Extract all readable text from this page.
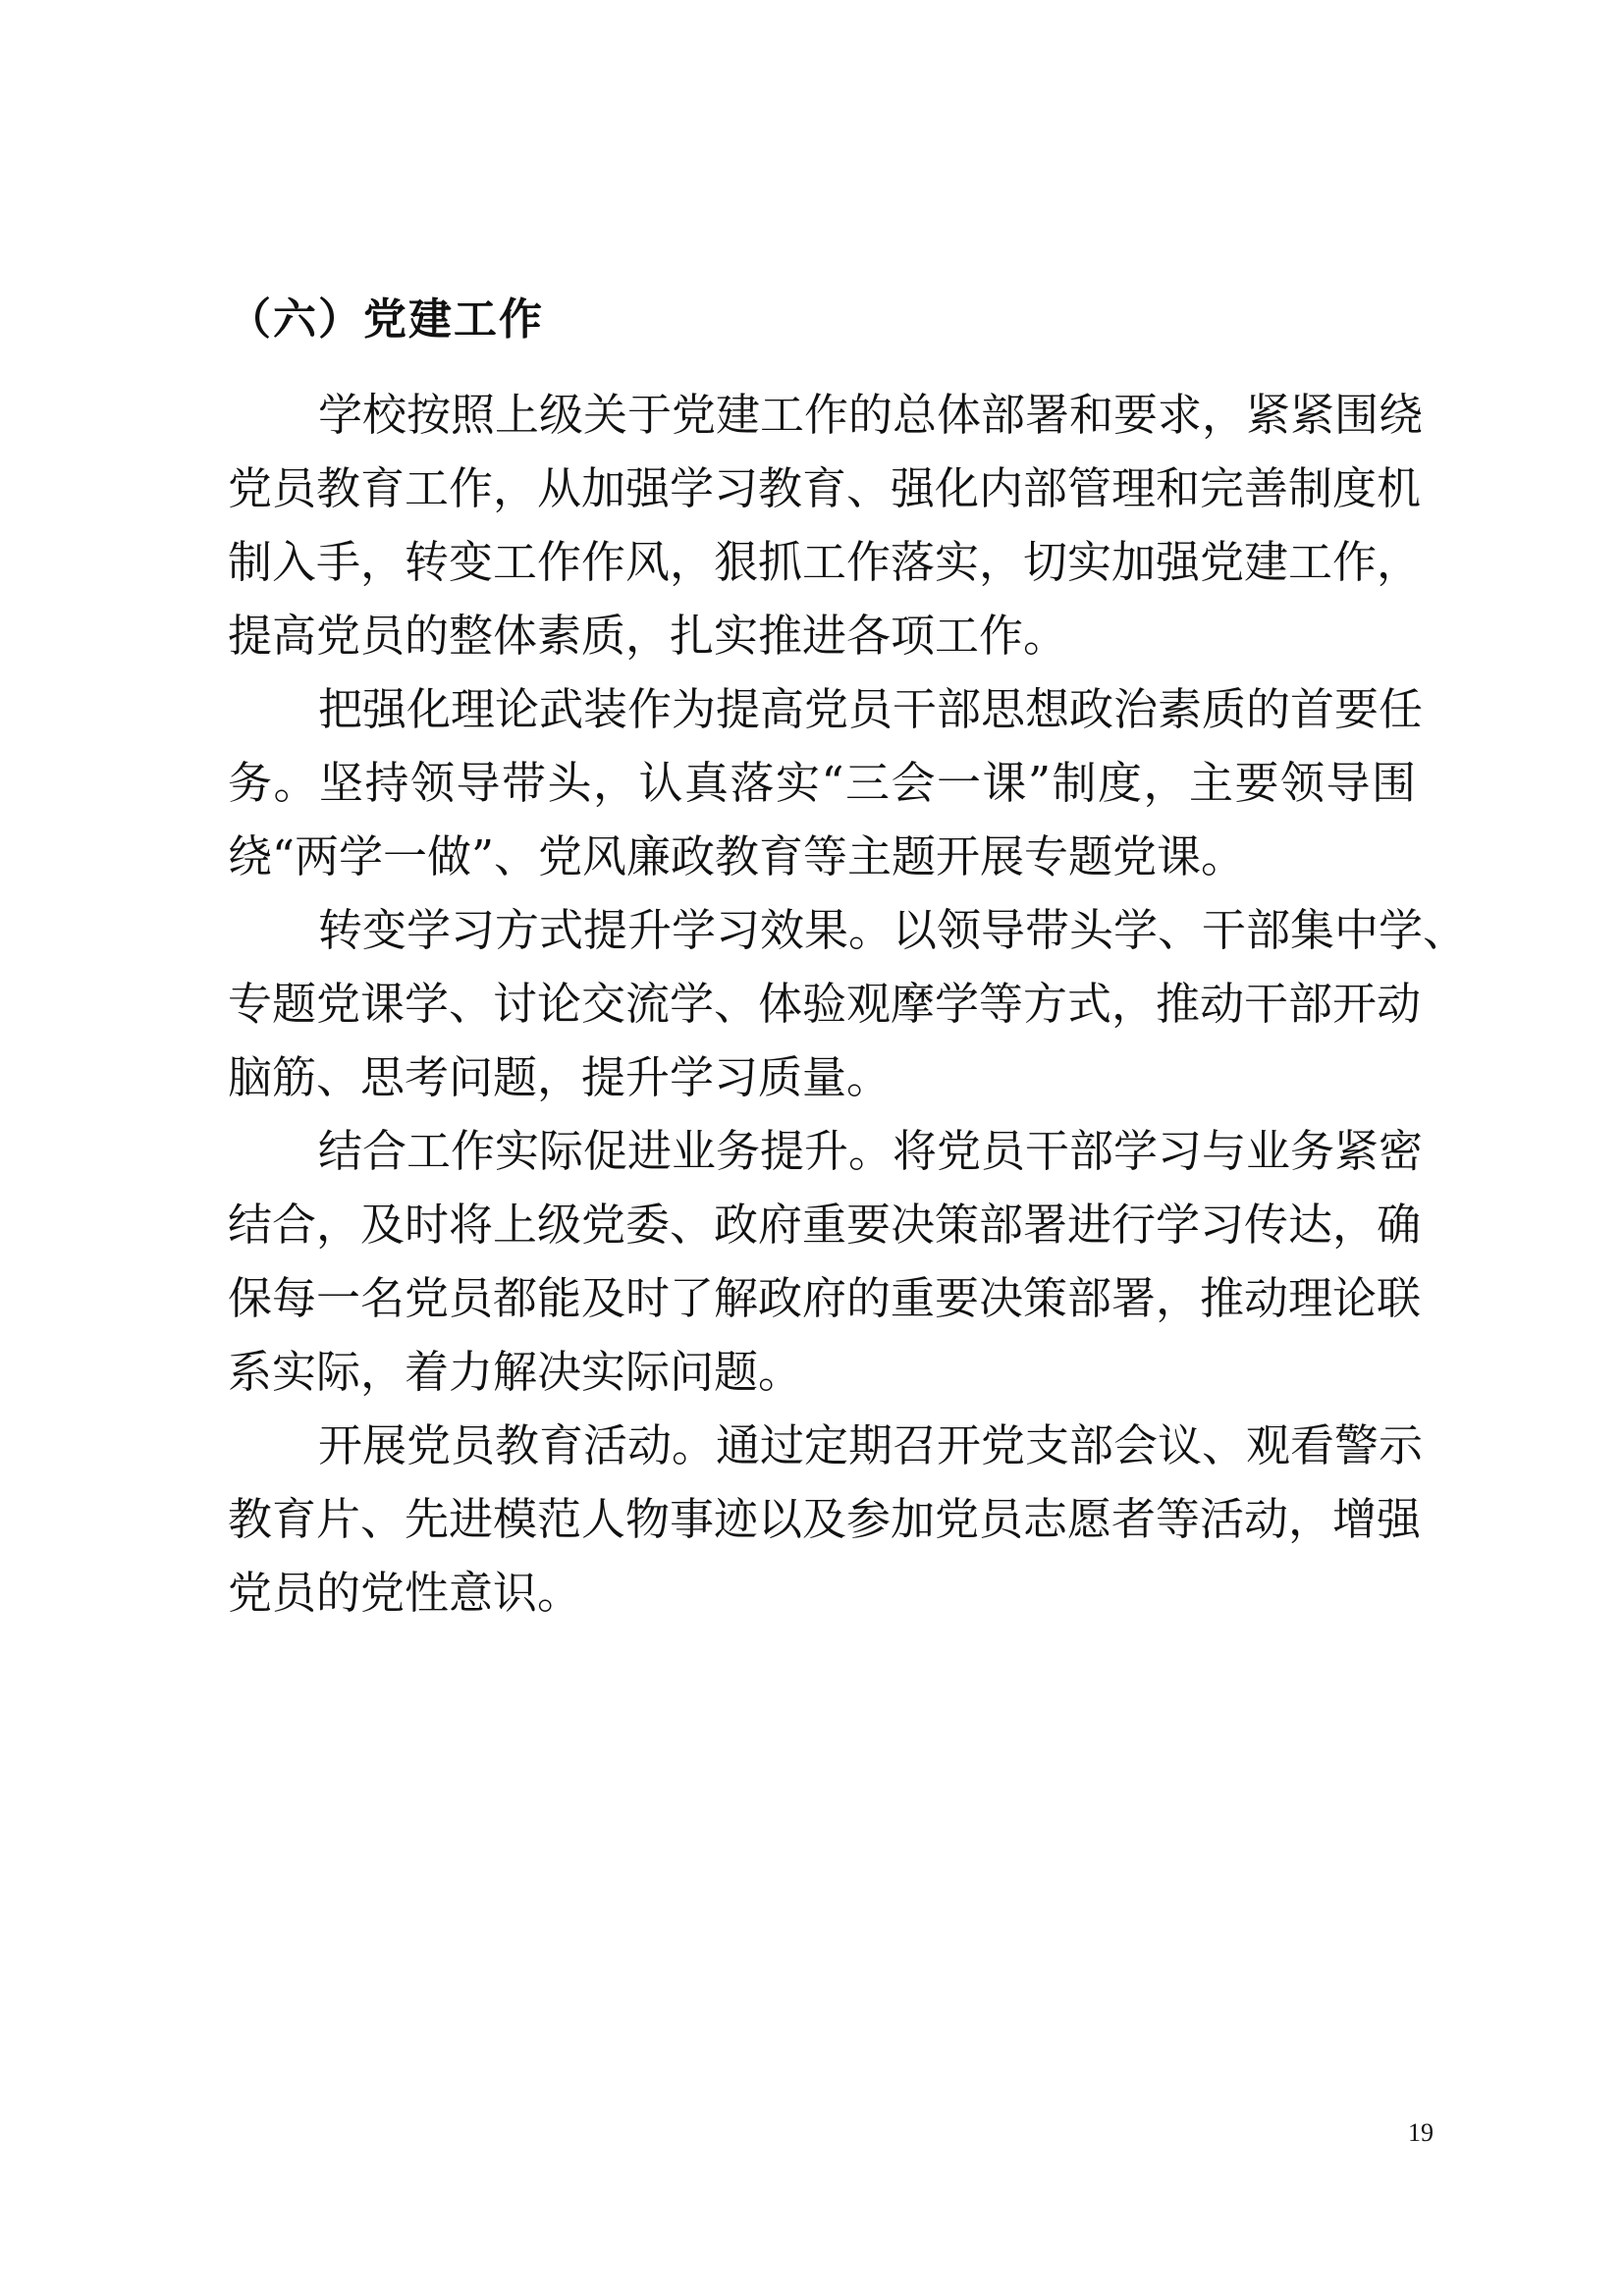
（六）党建工作

学校按照上级关于党建工作的总体部署和要求，紧紧围绕
党员教育工作，从加强学习教育、强化内部管理和完善制度机
制入手，转变工作作风，狠抓工作落实，切实加强党建工作，
提高党员的整体素质，扎实推进各项工作。

把强化理论武装作为提高党员干部思想政治素质的首要任
务。坚持领导带头，认真落实“三会一课”制度，主要领导围
绕“两学一做”、党风廉政教育等主题开展专题党课。

转变学习方式提升学习效果。以领导带头学、干部集中学、
专题党课学、讨论交流学、体验观摩学等方式，推动干部开动
脑筋、思考问题，提升学习质量。

结合工作实际促进业务提升。将党员干部学习与业务紧密
结合，及时将上级党委、政府重要决策部署进行学习传达，确
保每一名党员都能及时了解政府的重要决策部署，推动理论联
系实际，着力解决实际问题。

开展党员教育活动。通过定期召开党支部会议、观看警示
教育片、先进模范人物事迹以及参加党员志愿者等活动，增强
党员的党性意识。

19
